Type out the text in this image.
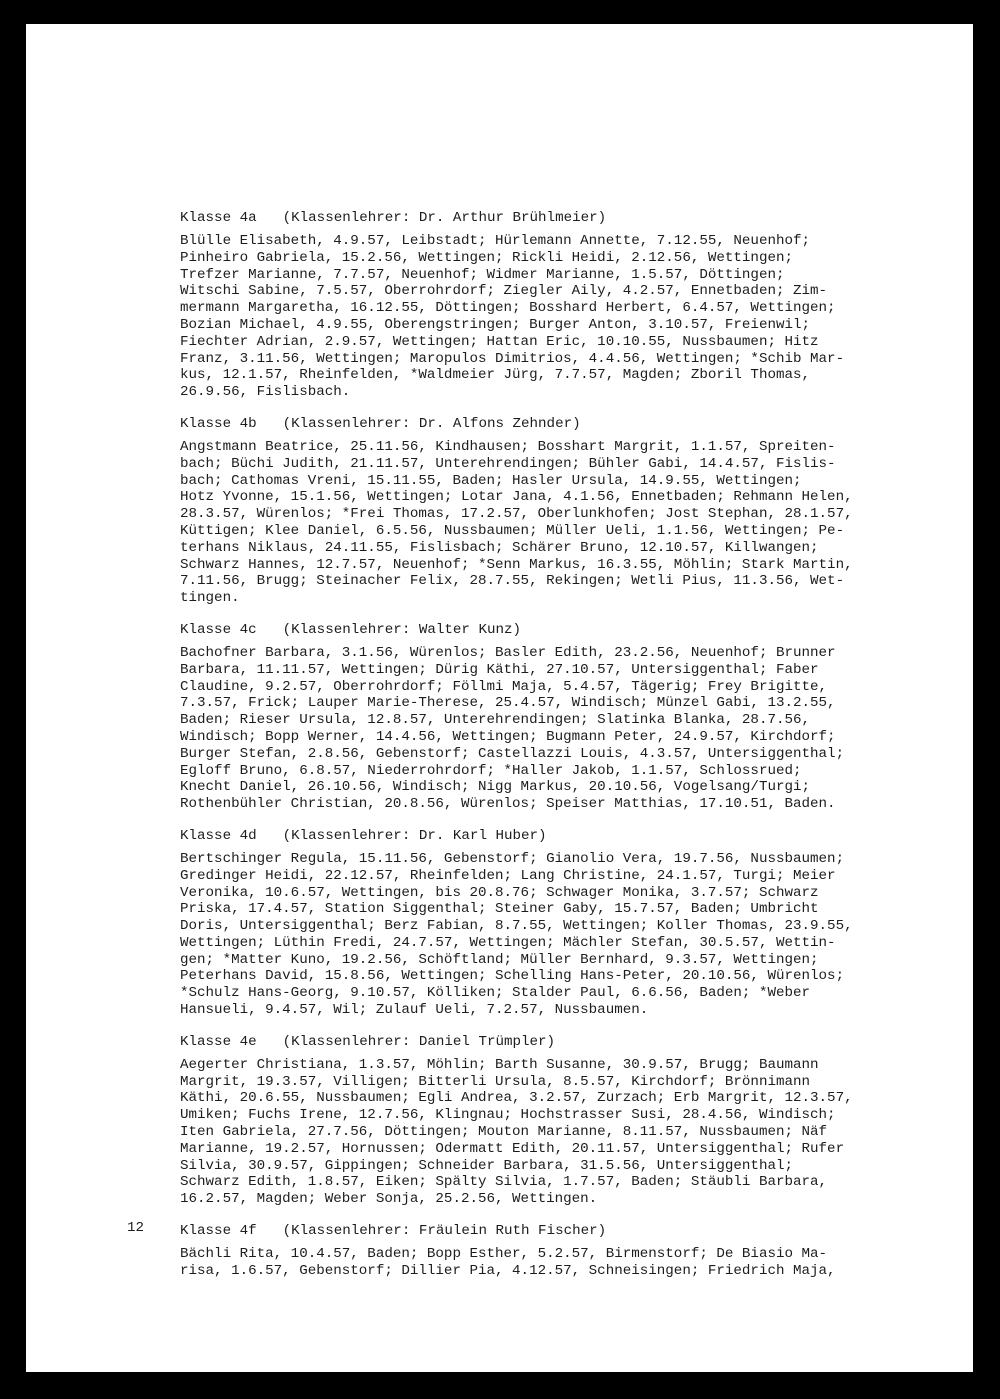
Klasse 4a (Klassenlehrer: Dr. Arthur Brühlmeier)
Blülle Elisabeth, 4.9.57, Leibstadt; Hürlemann Annette, 7.12.55, Neuenhof;
Pinheiro Gabriela, 15.2.56, Wettingen; Rickli Heidi, 2.12.56, Wettingen;
Trefzer Marianne, 7.7.57, Neuenhof; Widmer Marianne, 1.5.57, Döttingen;
Witschi Sabine, 7.5.57, Oberrohrdorf; Ziegler Aily, 4.2.57, Ennetbaden; Zim-
mermann Margaretha, 16.12.55, Döttingen; Bosshard Herbert, 6.4.57, Wettingen;
Bozian Michael, 4.9.55, Oberengstringen; Burger Anton, 3.10.57, Freienwil;
Fiechter Adrian, 2.9.57, Wettingen; Hattan Eric, 10.10.55, Nussbaumen; Hitz
Franz, 3.11.56, Wettingen; Maropulos Dimitrios, 4.4.56, Wettingen; *Schib Mar-
kus, 12.1.57, Rheinfelden, *Waldmeier Jürg, 7.7.57, Magden; Zboril Thomas,
26.9.56, Fislisbach.
Klasse 4b (Klassenlehrer: Dr. Alfons Zehnder)
Angstmann Beatrice, 25.11.56, Kindhausen; Bosshart Margrit, 1.1.57, Spreiten-
bach; Büchi Judith, 21.11.57, Unterehrendingen; Bühler Gabi, 14.4.57, Fislis-
bach; Cathomas Vreni, 15.11.55, Baden; Hasler Ursula, 14.9.55, Wettingen;
Hotz Yvonne, 15.1.56, Wettingen; Lotar Jana, 4.1.56, Ennetbaden; Rehmann Helen,
28.3.57, Würenlos; *Frei Thomas, 17.2.57, Oberlunkhofen; Jost Stephan, 28.1.57,
Küttigen; Klee Daniel, 6.5.56, Nussbaumen; Müller Ueli, 1.1.56, Wettingen; Pe-
terhans Niklaus, 24.11.55, Fislisbach; Schärer Bruno, 12.10.57, Killwangen;
Schwarz Hannes, 12.7.57, Neuenhof; *Senn Markus, 16.3.55, Möhlin; Stark Martin,
7.11.56, Brugg; Steinacher Felix, 28.7.55, Rekingen; Wetli Pius, 11.3.56, Wet-
tingen.
Klasse 4c (Klassenlehrer: Walter Kunz)
Bachofner Barbara, 3.1.56, Würenlos; Basler Edith, 23.2.56, Neuenhof; Brunner
Barbara, 11.11.57, Wettingen; Dürig Käthi, 27.10.57, Untersiggenthal; Faber
Claudine, 9.2.57, Oberrohrdorf; Föllmi Maja, 5.4.57, Tägerig; Frey Brigitte,
7.3.57, Frick; Lauper Marie-Therese, 25.4.57, Windisch; Münzel Gabi, 13.2.55,
Baden; Rieser Ursula, 12.8.57, Unterehrendingen; Slatinka Blanka, 28.7.56,
Windisch; Bopp Werner, 14.4.56, Wettingen; Bugmann Peter, 24.9.57, Kirchdorf;
Burger Stefan, 2.8.56, Gebenstorf; Castellazzi Louis, 4.3.57, Untersiggenthal;
Egloff Bruno, 6.8.57, Niederrohrdorf; *Haller Jakob, 1.1.57, Schlossrued;
Knecht Daniel, 26.10.56, Windisch; Nigg Markus, 20.10.56, Vogelsang/Turgi;
Rothenbühler Christian, 20.8.56, Würenlos; Speiser Matthias, 17.10.51, Baden.
Klasse 4d (Klassenlehrer: Dr. Karl Huber)
Bertschinger Regula, 15.11.56, Gebenstorf; Gianolio Vera, 19.7.56, Nussbaumen;
Gredinger Heidi, 22.12.57, Rheinfelden; Lang Christine, 24.1.57, Turgi; Meier
Veronika, 10.6.57, Wettingen, bis 20.8.76; Schwager Monika, 3.7.57; Schwarz
Priska, 17.4.57, Station Siggenthal; Steiner Gaby, 15.7.57, Baden; Umbricht
Doris, Untersiggenthal; Berz Fabian, 8.7.55, Wettingen; Koller Thomas, 23.9.55,
Wettingen; Lüthin Fredi, 24.7.57, Wettingen; Mächler Stefan, 30.5.57, Wettin-
gen; *Matter Kuno, 19.2.56, Schöftland; Müller Bernhard, 9.3.57, Wettingen;
Peterhans David, 15.8.56, Wettingen; Schelling Hans-Peter, 20.10.56, Würenlos;
*Schulz Hans-Georg, 9.10.57, Kölliken; Stalder Paul, 6.6.56, Baden; *Weber
Hansueli, 9.4.57, Wil; Zulauf Ueli, 7.2.57, Nussbaumen.
Klasse 4e (Klassenlehrer: Daniel Trümpler)
Aegerter Christiana, 1.3.57, Möhlin; Barth Susanne, 30.9.57, Brugg; Baumann
Margrit, 19.3.57, Villigen; Bitterli Ursula, 8.5.57, Kirchdorf; Brönnimann
Käthi, 20.6.55, Nussbaumen; Egli Andrea, 3.2.57, Zurzach; Erb Margrit, 12.3.57,
Umiken; Fuchs Irene, 12.7.56, Klingnau; Hochstrasser Susi, 28.4.56, Windisch;
Iten Gabriela, 27.7.56, Döttingen; Mouton Marianne, 8.11.57, Nussbaumen; Näf
Marianne, 19.2.57, Hornussen; Odermatt Edith, 20.11.57, Untersiggenthal; Rufer
Silvia, 30.9.57, Gippingen; Schneider Barbara, 31.5.56, Untersiggenthal;
Schwarz Edith, 1.8.57, Eiken; Spälty Silvia, 1.7.57, Baden; Stäubli Barbara,
16.2.57, Magden; Weber Sonja, 25.2.56, Wettingen.
Klasse 4f (Klassenlehrer: Fräulein Ruth Fischer)
Bächli Rita, 10.4.57, Baden; Bopp Esther, 5.2.57, Birmenstorf; De Biasio Ma-
risa, 1.6.57, Gebenstorf; Dillier Pia, 4.12.57, Schneisingen; Friedrich Maja,
12
